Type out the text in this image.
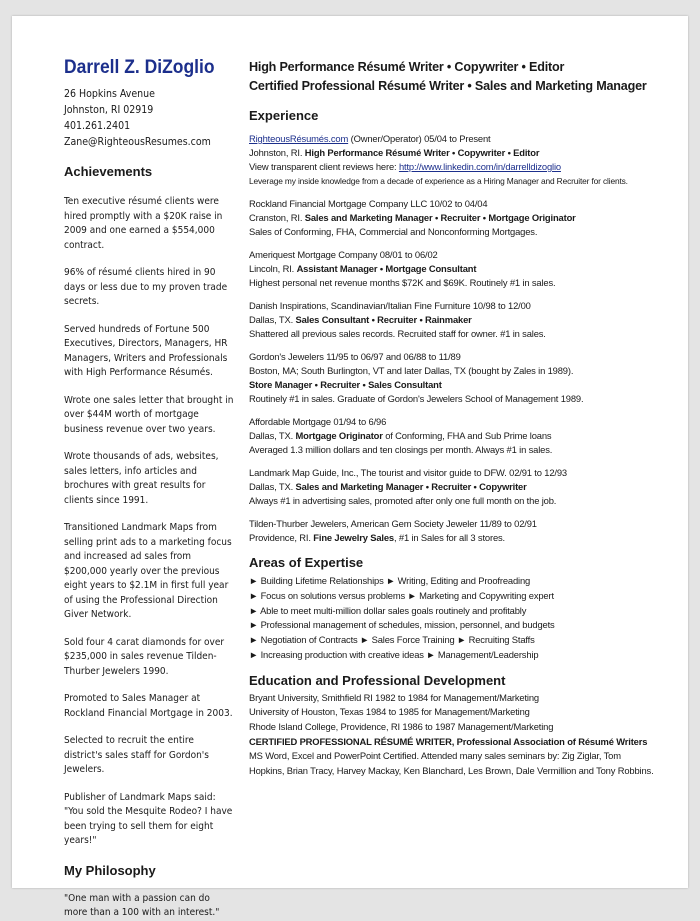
Darrell Z. DiZoglio
26 Hopkins Avenue
Johnston, RI 02919
401.261.2401
Zane@RighteousResumes.com
Achievements
Ten executive résumé clients were hired promptly with a $20K raise in 2009 and one earned a $554,000 contract.
96% of résumé clients hired in 90 days or less due to my proven trade secrets.
Served hundreds of Fortune 500 Executives, Directors, Managers, HR Managers, Writers and Professionals with High Performance Résumés.
Wrote one sales letter that brought in over $44M worth of mortgage business revenue over two years.
Wrote thousands of ads, websites, sales letters, info articles and brochures with great results for clients since 1991.
Transitioned Landmark Maps from selling print ads to a marketing focus and increased ad sales from $200,000 yearly over the previous eight years to $2.1M in first full year of using the Professional Direction Giver Network.
Sold four 4 carat diamonds for over $235,000 in sales revenue Tilden-Thurber Jewelers 1990.
Promoted to Sales Manager at Rockland Financial Mortgage in 2003.
Selected to recruit the entire district's sales staff for Gordon's Jewelers.
Publisher of Landmark Maps said: "You sold the Mesquite Rodeo? I have been trying to sell them for eight years!"
My Philosophy
"One man with a passion can do more than a 100 with an interest."
High Performance Résumé Writer • Copywriter • Editor
Certified Professional Résumé Writer • Sales and Marketing Manager
Experience
RighteousRésumés.com (Owner/Operator) 05/04 to Present
Johnston, RI. High Performance Résumé Writer • Copywriter • Editor
View transparent client reviews here: http://www.linkedin.com/in/darrelldizoglio
Leverage my inside knowledge from a decade of experience as a Hiring Manager and Recruiter for clients.
Rockland Financial Mortgage Company LLC 10/02 to 04/04
Cranston, RI. Sales and Marketing Manager • Recruiter • Mortgage Originator
Sales of Conforming, FHA, Commercial and Nonconforming Mortgages.
Ameriquest Mortgage Company 08/01 to 06/02
Lincoln, RI. Assistant Manager • Mortgage Consultant
Highest personal net revenue months $72K and $69K. Routinely #1 in sales.
Danish Inspirations, Scandinavian/Italian Fine Furniture 10/98 to 12/00
Dallas, TX. Sales Consultant • Recruiter • Rainmaker
Shattered all previous sales records. Recruited staff for owner. #1 in sales.
Gordon's Jewelers 11/95 to 06/97 and 06/88 to 11/89
Boston, MA; South Burlington, VT and later Dallas, TX (bought by Zales in 1989).
Store Manager • Recruiter • Sales Consultant
Routinely #1 in sales. Graduate of Gordon's Jewelers School of Management 1989.
Affordable Mortgage 01/94 to 6/96
Dallas, TX. Mortgage Originator of Conforming, FHA and Sub Prime loans
Averaged 1.3 million dollars and ten closings per month. Always #1 in sales.
Landmark Map Guide, Inc., The tourist and visitor guide to DFW. 02/91 to 12/93
Dallas, TX. Sales and Marketing Manager • Recruiter • Copywriter
Always #1 in advertising sales, promoted after only one full month on the job.
Tilden-Thurber Jewelers, American Gem Society Jeweler 11/89 to 02/91
Providence, RI. Fine Jewelry Sales, #1 in Sales for all 3 stores.
Areas of Expertise
► Building Lifetime Relationships ► Writing, Editing and Proofreading
► Focus on solutions versus problems ► Marketing and Copywriting expert
► Able to meet multi-million dollar sales goals routinely and profitably
► Professional management of schedules, mission, personnel, and budgets
► Negotiation of Contracts ► Sales Force Training ► Recruiting Staffs
► Increasing production with creative ideas ► Management/Leadership
Education and Professional Development
Bryant University, Smithfield RI 1982 to 1984 for Management/Marketing
University of Houston, Texas 1984 to 1985 for Management/Marketing
Rhode Island College, Providence, RI 1986 to 1987 Management/Marketing
CERTIFIED PROFESSIONAL RÉSUMÉ WRITER, Professional Association of Résumé Writers
MS Word, Excel and PowerPoint Certified. Attended many sales seminars by: Zig Ziglar, Tom
Hopkins, Brian Tracy, Harvey Mackay, Ken Blanchard, Les Brown, Dale Vermillion and Tony Robbins.
